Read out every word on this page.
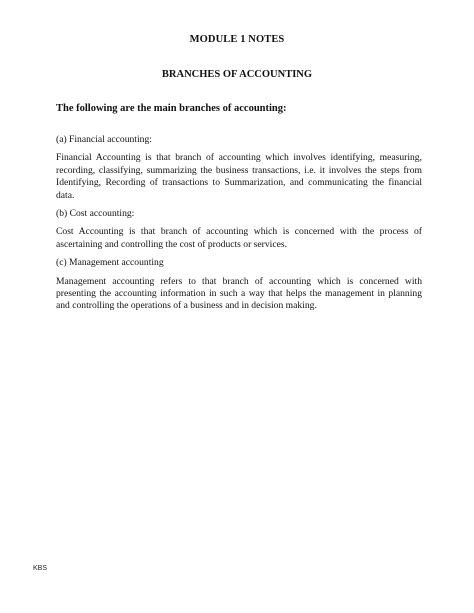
MODULE 1 NOTES
BRANCHES OF ACCOUNTING
The following are the main branches of accounting:
(a) Financial accounting:
Financial Accounting is that branch of accounting which involves identifying, measuring, recording, classifying, summarizing the business transactions, i.e. it involves the steps from Identifying, Recording of transactions to Summarization, and communicating the financial data.
(b) Cost accounting:
Cost Accounting is that branch of accounting which is concerned with the process of ascertaining and controlling the cost of products or services.
(c) Management accounting
Management accounting refers to that branch of accounting which is concerned with presenting the accounting information in such a way that helps the management in planning and controlling the operations of a business and in decision making.
KBS
